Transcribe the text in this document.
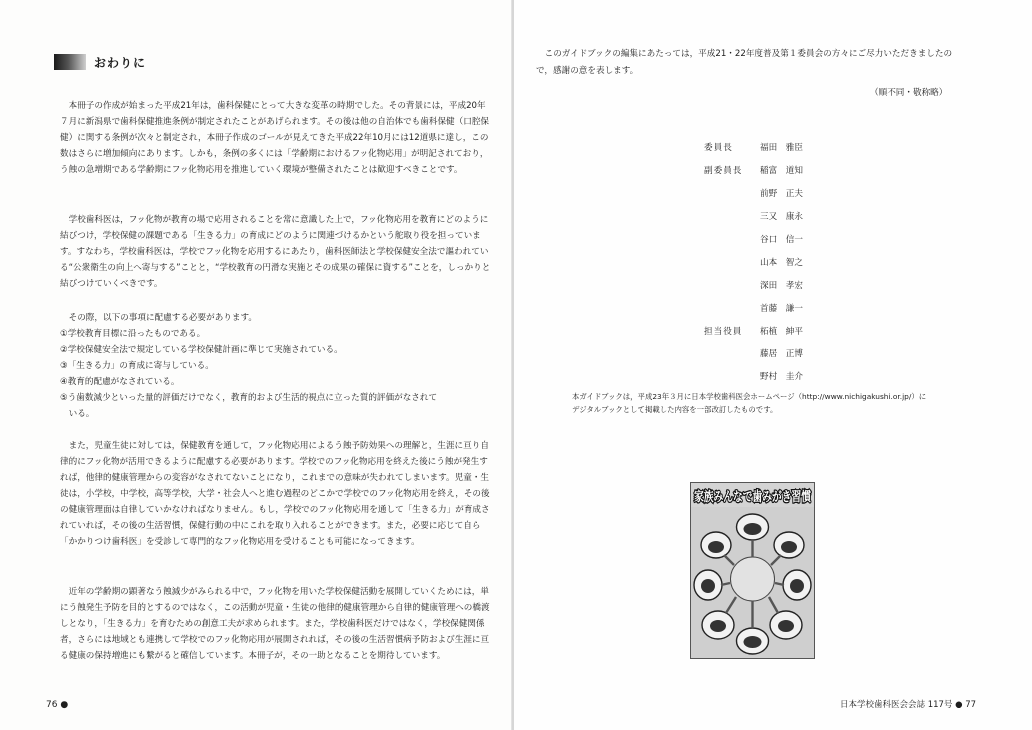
おわりに

本冊子の作成が始まった平成21年は，歯科保健にとって大きな変革の時期でした。その背景には，平成20年７月に新潟県で歯科保健推進条例が制定されたことがあげられます。その後は他の自治体でも歯科保健（口腔保健）に関する条例が次々と制定され，本冊子作成のゴールが見えてきた平成22年10月には12道県に達し，この数はさらに増加傾向にあります。しかも，条例の多くには「学齢期におけるフッ化物応用」が明記されており，う蝕の急増期である学齢期にフッ化物応用を推進していく環境が整備されたことは歓迎すべきことです。

学校歯科医は，フッ化物が教育の場で応用されることを常に意識した上で，フッ化物応用を教育にどのように結びつけ，学校保健の課題である「生きる力」の育成にどのように関連づけるかという舵取り役を担っています。すなわち，学校歯科医は，学校でフッ化物を応用するにあたり，歯科医師法と学校保健安全法で謳われている“公衆衛生の向上へ寄与する”ことと，“学校教育の円滑な実施とその成果の確保に資する”ことを，しっかりと結びつけていくべきです。

その際，以下の事項に配慮する必要があります。

①学校教育目標に沿ったものである。
②学校保健安全法で規定している学校保健計画に準じて実施されている。
③「生きる力」の育成に寄与している。
④教育的配慮がなされている。
⑤う歯数減少といった量的評価だけでなく，教育的および生活的視点に立った質的評価がなされて
いる。

また，児童生徒に対しては，保健教育を通して，フッ化物応用によるう蝕予防効果への理解と，生涯に亘り自律的にフッ化物が活用できるように配慮する必要があります。学校でのフッ化物応用を終えた後にう蝕が発生すれば，他律的健康管理からの変容がなされてないことになり，これまでの意味が失われてしまいます。児童・生徒は，小学校，中学校，高等学校，大学・社会人へと進む過程のどこかで学校でのフッ化物応用を終え，その後の健康管理面は自律していかなければなりません。もし，学校でのフッ化物応用を通して「生きる力」が育成されていれば，その後の生活習慣，保健行動の中にこれを取り入れることができます。また，必要に応じて自ら「かかりつけ歯科医」を受診して専門的なフッ化物応用を受けることも可能になってきます。

近年の学齢期の顕著なう蝕減少がみられる中で，フッ化物を用いた学校保健活動を展開していくためには，単にう蝕発生予防を目的とするのではなく，この活動が児童・生徒の他律的健康管理から自律的健康管理への橋渡しとなり，「生きる力」を育むための創意工夫が求められます。また，学校歯科医だけではなく，学校保健関係者，さらには地域とも連携して学校でのフッ化物応用が展開されれば，その後の生活習慣病予防および生涯に亘る健康の保持増進にも繋がると確信しています。本冊子が，その一助となることを期待しています。

76 ●

このガイドブックの編集にあたっては，平成21・22年度普及第１委員会の方々にご尽力いただきましたので，感謝の意を表します。

（順不同・敬称略）
委員長	福田　雅臣
副委員長	稲富　道知
前野　正夫
三又　康永
谷口　信一
山本　智之
深田　孝宏
首藤　謙一
担当役員	柘植　紳平
藤居　正博
野村　圭介
本ガイドブックは，平成23年３月に日本学校歯科医会ホームページ（http://www.nichigakushi.or.jp/）に
デジタルブックとして掲載した内容を一部改訂したものです。
家族みんなで歯みがき習慣
日本学校歯科医会会誌 117号 ● 77
